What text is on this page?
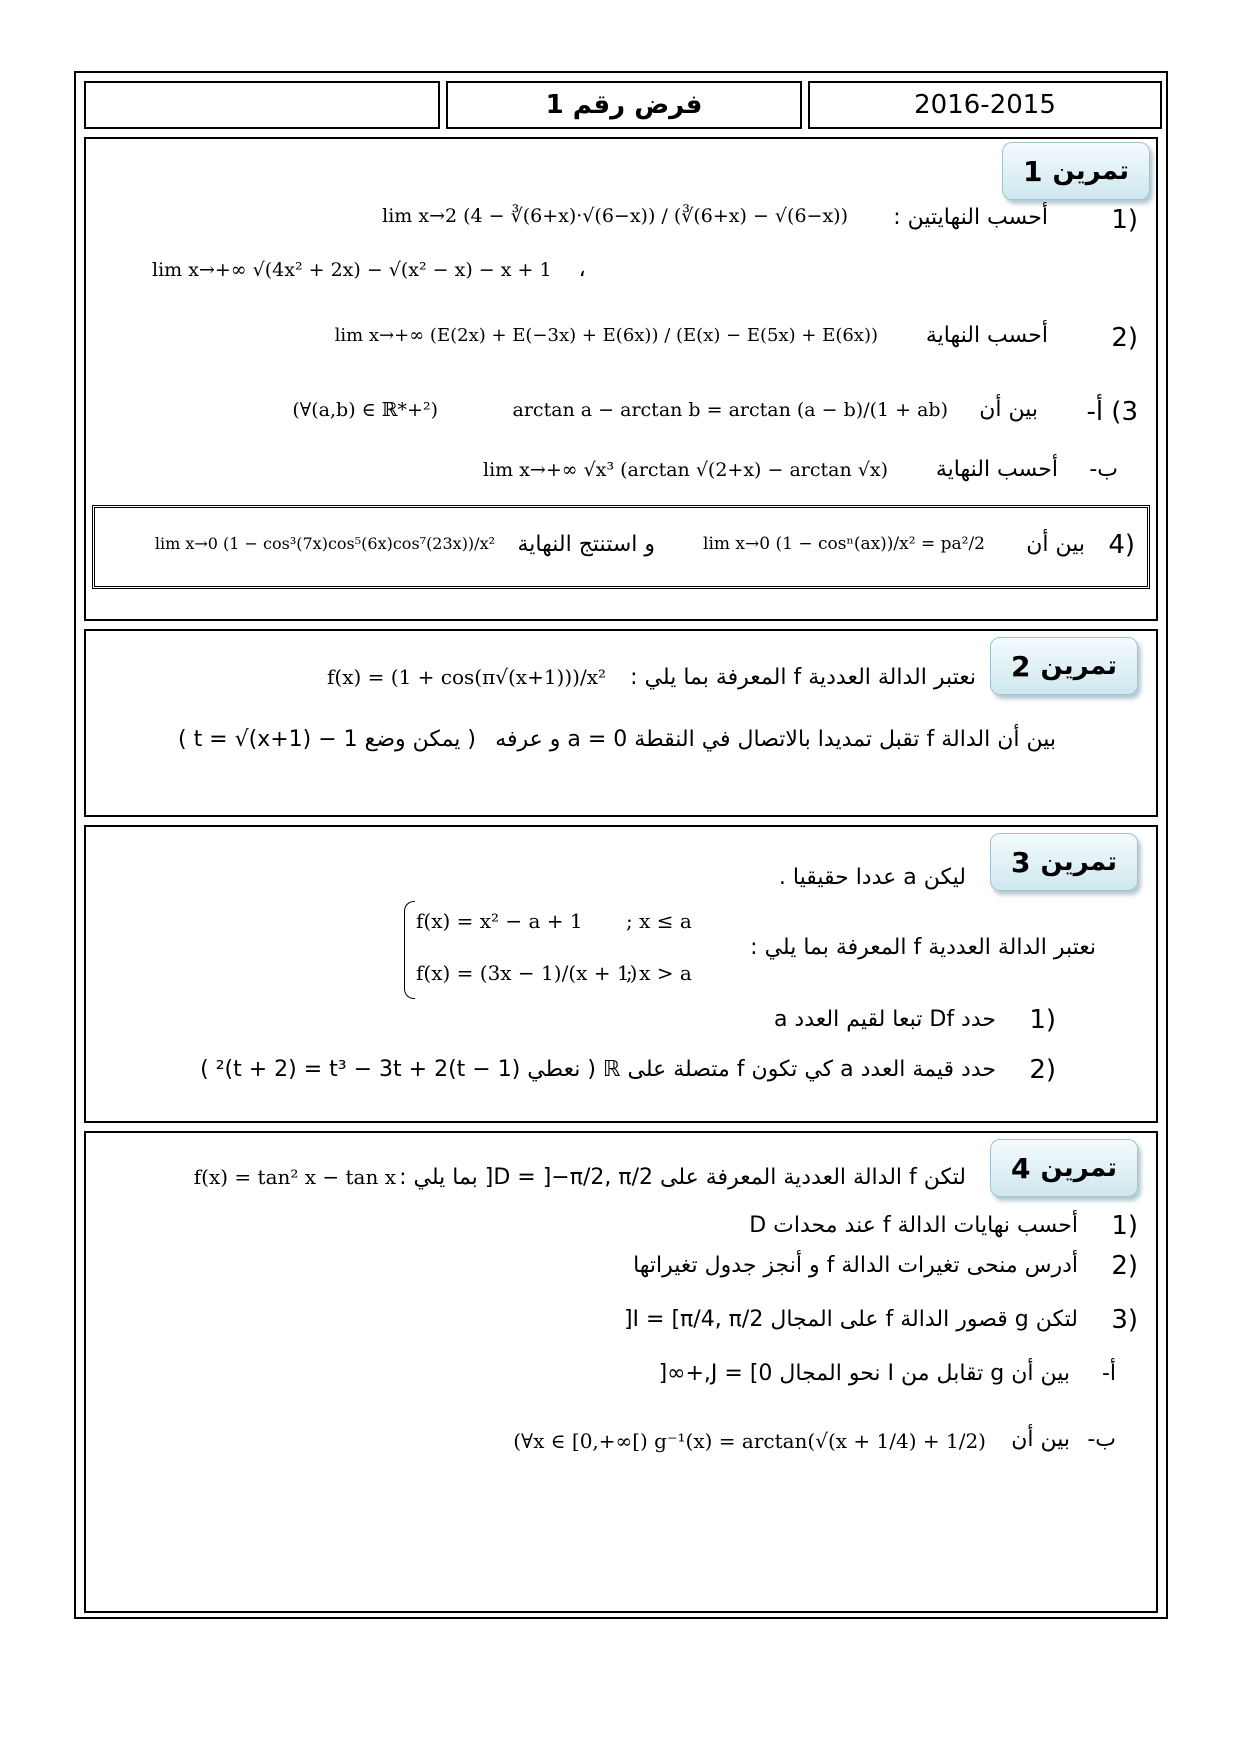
فرض رقم 1	2016-2015
تمرين
1
1)
أحسب النهايتين :
lim x→2 (4 − ∛(6+x)·√(6−x)) / (∛(6+x) − √(6−x))
lim x→+∞ √(4x² + 2x) − √(x² − x) − x + 1 ،
2)
أحسب النهاية
lim x→+∞ (E(2x) + E(−3x) + E(6x)) / (E(x) − E(5x) + E(6x))
3) أ-
بين أن
arctan a − arctan b = arctan (a − b)/(1 + ab)
(∀(a,b) ∈ ℝ*+²)
ب-
أحسب النهاية
lim x→+∞ √x³ (arctan √(2+x) − arctan √x)
4)
بين أن
lim x→0 (1 − cosⁿ(ax))/x² = pa²/2
و استنتج النهاية
lim x→0 (1 − cos³(7x)cos⁵(6x)cos⁷(23x))/x²
تمرين
2
نعتبر الدالة العددية f المعرفة بما يلي :
f(x) = (1 + cos(π√(x+1)))/x²
بين أن الدالة f تقبل تمديدا بالاتصال في النقطة 0 = a و عرفه
( يمكن وضع t = √(x+1) − 1 )
تمرين
3
ليكن a عددا حقيقيا .
نعتبر الدالة العددية f المعرفة بما يلي :
f(x) = x² − a + 1 ; x ≤ a
f(x) = (3x − 1)/(x + 1)
; x > a
1)
حدد Df تبعا لقيم العدد a
2)
حدد قيمة العدد a كي تكون f متصلة على ℝ
( نعطي (t − 1)²(t + 2) = t³ − 3t + 2 )
تمرين
4
لتكن f الدالة العددية المعرفة على D = ]−π/2, π/2[ بما يلي :
f(x) = tan² x − tan x
1)
أحسب نهايات الدالة f عند محدات D
2)
أدرس منحى تغيرات الدالة f و أنجز جدول تغيراتها
3)
لتكن g قصور الدالة f على المجال I = [π/4, π/2[
أ-
بين أن g تقابل من I نحو المجال J = [0,+∞[
ب-
بين أن
(∀x ∈ [0,+∞[) g⁻¹(x) = arctan(√(x + 1/4) + 1/2)
